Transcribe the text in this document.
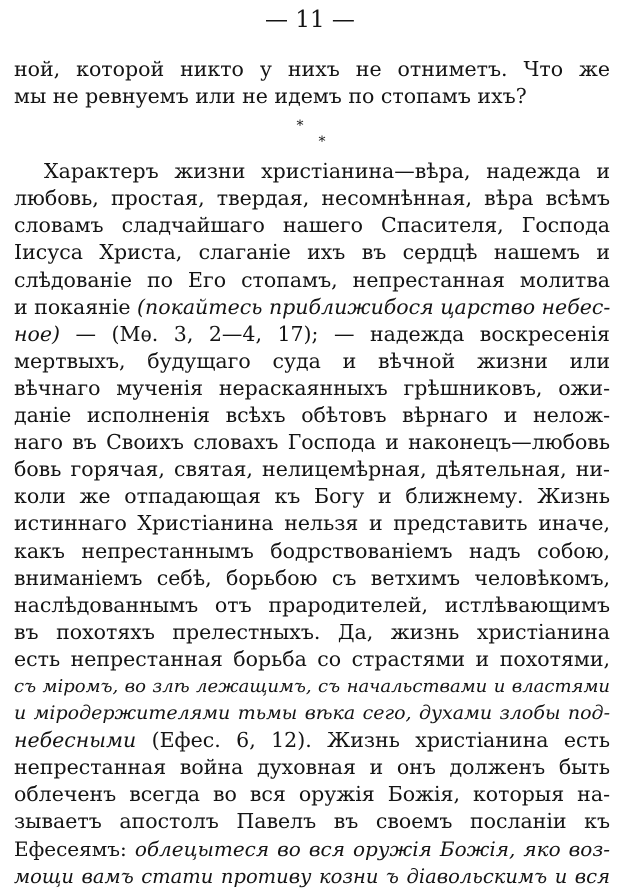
— 11 —
ной, которой никто у нихъ не отниметъ. Что же
мы не ревнуемъ или не идемъ по стопамъ ихъ?
*
*
Характеръ жизни христіанина—вѣра, надежда и
любовь, простая, твердая, несомнѣнная, вѣра всѣмъ
словамъ сладчайшаго нашего Спасителя, Господа
Іисуса Христа, слаганіе ихъ въ сердцѣ нашемъ и
слѣдованіе по Его стопамъ, непрестанная молитва
и покаяніе (покайтесь приближибося царство небес-
ное) — (Мѳ. 3, 2—4, 17); — надежда воскресенія
мертвыхъ, будущаго суда и вѣчной жизни или
вѣчнаго мученія нераскаянныхъ грѣшниковъ, ожи-
даніе исполненія всѣхъ обѣтовъ вѣрнаго и нелож-
наго въ Своихъ словахъ Господа и наконецъ—любовь
бовь горячая, святая, нелицемѣрная, дѣятельная, ни-
коли же отпадающая къ Богу и ближнему. Жизнь
истиннаго Христіанина нельзя и представить иначе,
какъ непрестаннымъ бодрствованіемъ надъ собою,
вниманіемъ себѣ, борьбою съ ветхимъ человѣкомъ,
наслѣдованнымъ отъ прародителей, истлѣвающимъ
въ похотяхъ прелестныхъ. Да, жизнь христіанина
есть непрестанная борьба со страстями и похотями,
съ міромъ, во злѣ лежащимъ, съ начальствами и властями
и міродержителями тьмы вѣка сего, духами злобы под-
небесными (Ефес. 6, 12). Жизнь христіанина есть
непрестанная война духовная и онъ долженъ быть
облеченъ всегда во вся оружія Божія, которыя на-
зываетъ апостолъ Павелъ въ своемъ посланіи къ
Ефесеямъ: облецытеся во вся оружія Божія, яко воз-
мощи вамъ стати противу козни ъ діавольскимъ и вся
